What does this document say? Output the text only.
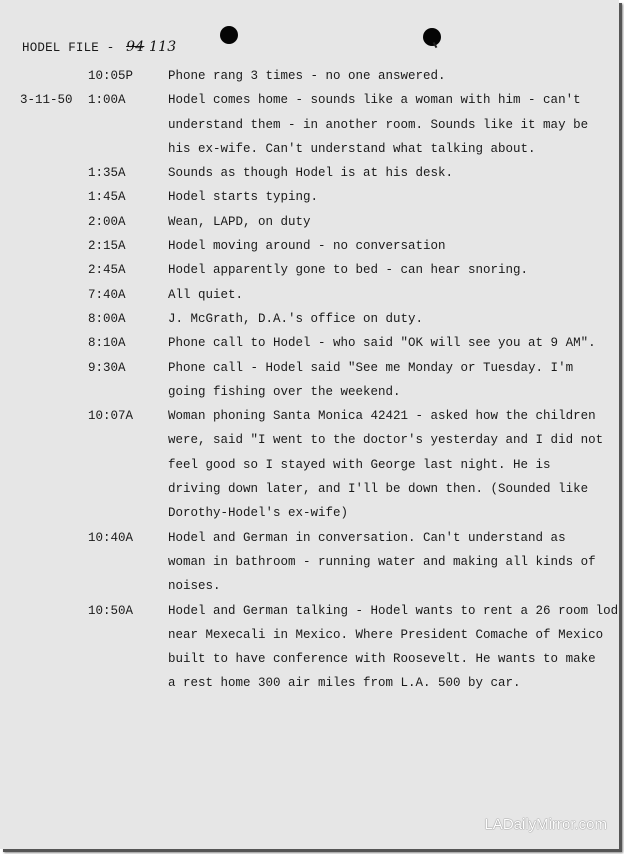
HODEL FILE - 94 113
10:05P	Phone rang 3 times - no one answered.
3-11-50 1:00A	Hodel comes home - sounds like a woman with him - can't
understand them - in another room. Sounds like it may be
his ex-wife. Can't understand what talking about.
1:35A	Sounds as though Hodel is at his desk.
1:45A	Hodel starts typing.
2:00A	Wean, LAPD, on duty
2:15A	Hodel moving around - no conversation
2:45A	Hodel apparently gone to bed - can hear snoring.
7:40A	All quiet.
8:00A	J. McGrath, D.A.'s office on duty.
8:10A	Phone call to Hodel - who said "OK will see you at 9 AM".
9:30A	Phone call - Hodel said "See me Monday or Tuesday. I'm
going fishing over the weekend.
10:07A	Woman phoning Santa Monica 42421 - asked how the children
were, said "I went to the doctor's yesterday and I did not
feel good so I stayed with George last night. He is
driving down later, and I'll be down then. (Sounded like
Dorothy-Hodel's ex-wife)
10:40A	Hodel and German in conversation. Can't understand as
woman in bathroom - running water and making all kinds of
noises.
10:50A	Hodel and German talking - Hodel wants to rent a 26 room lod
near Mexecali in Mexico. Where President Comache of Mexico
built to have conference with Roosevelt. He wants to make
a rest home 300 air miles from L.A. 500 by car.
LADailyMirror.com
